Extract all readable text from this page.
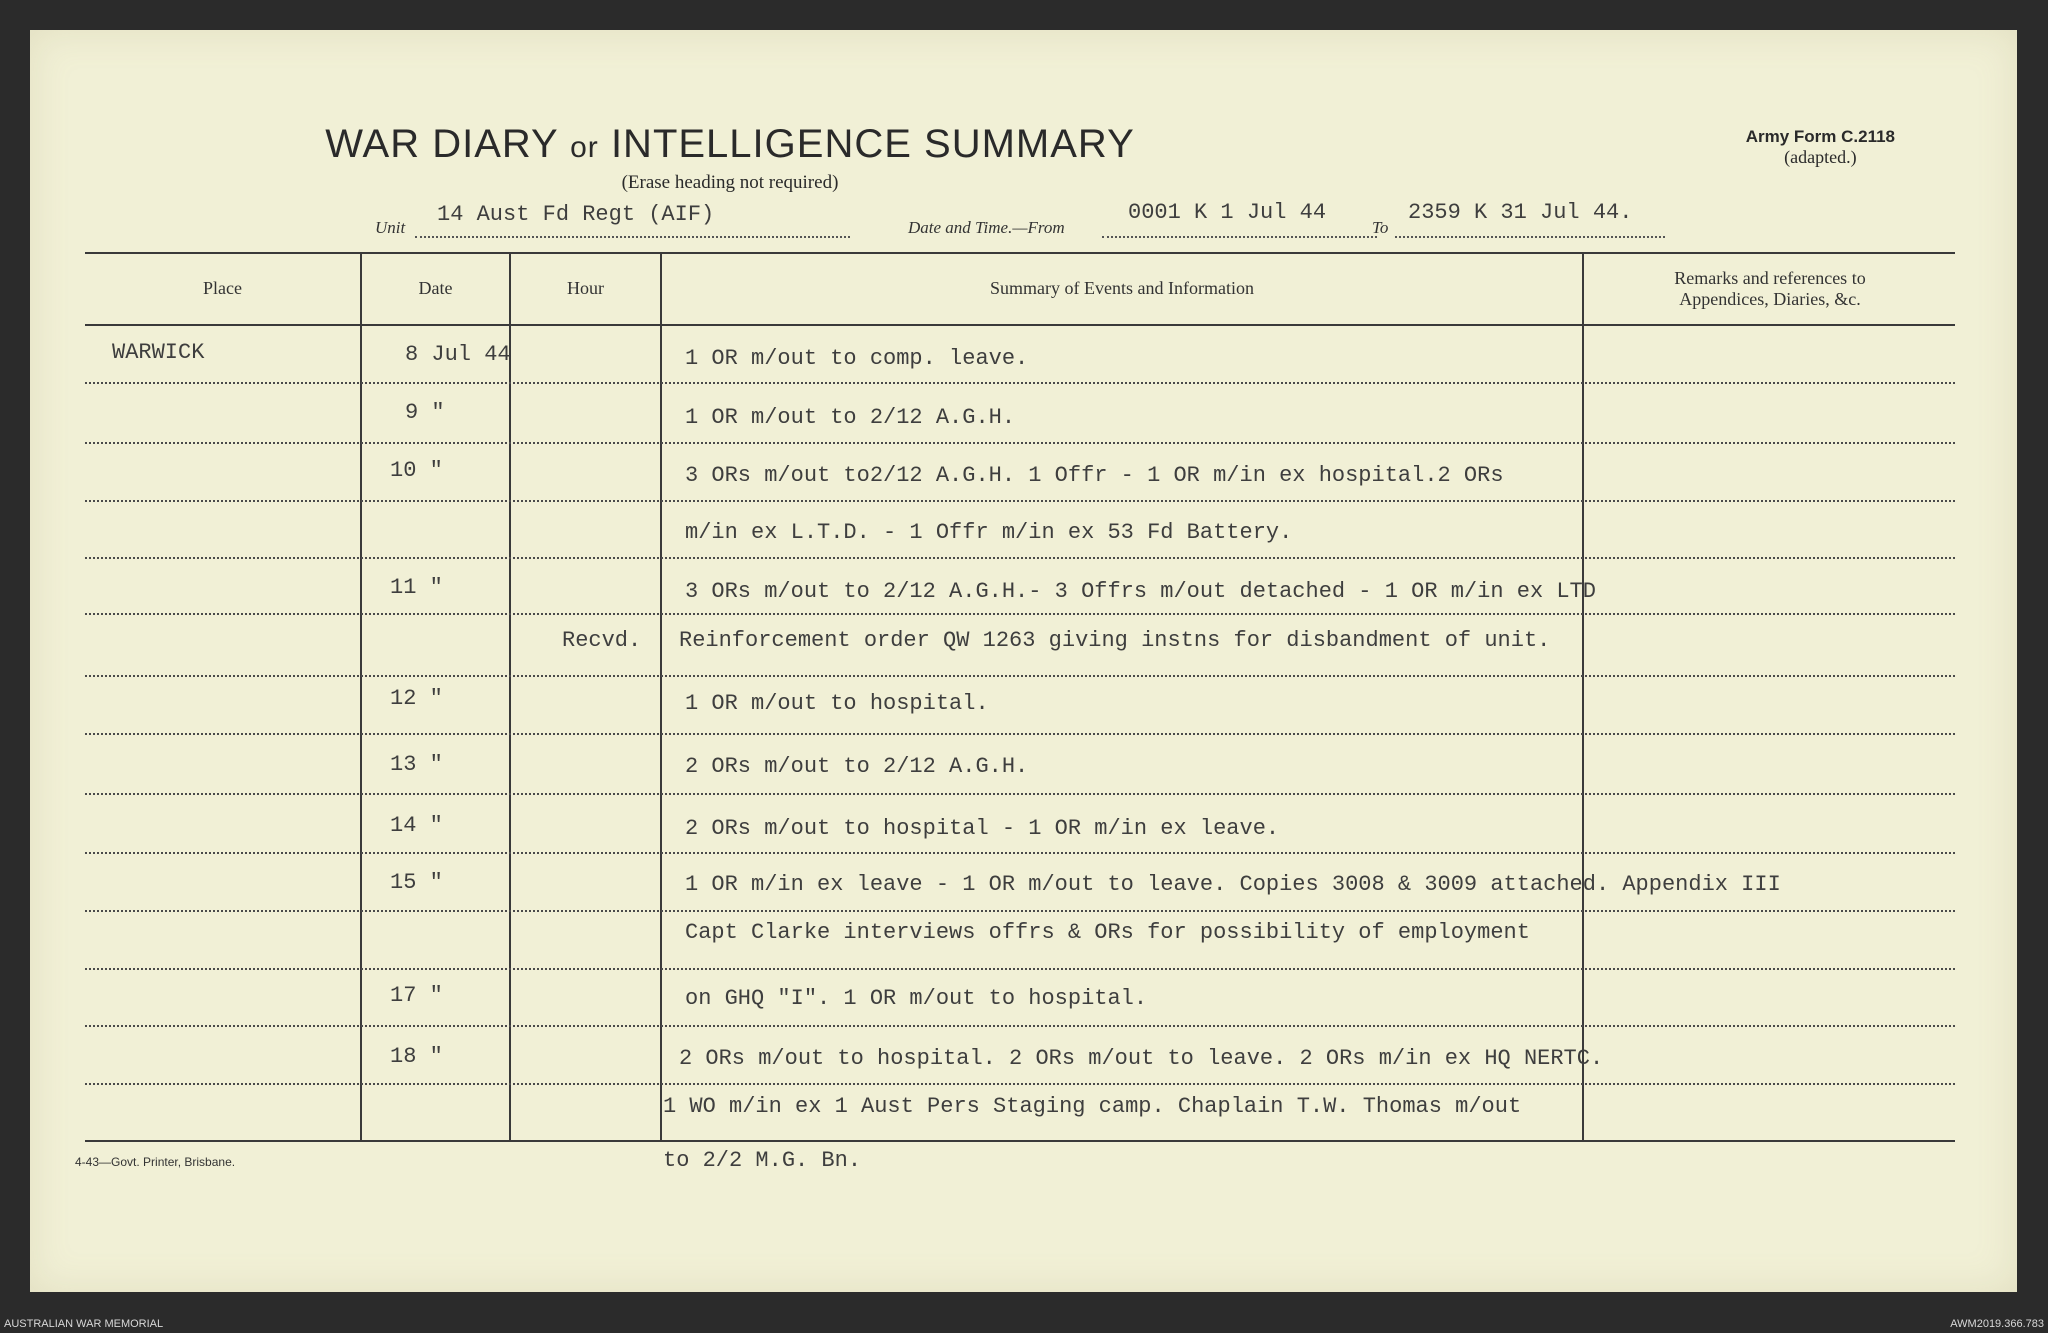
WAR DIARY or INTELLIGENCE SUMMARY
(Erase heading not required)
Army Form C.2118
(adapted.)
Unit
14 Aust Fd Regt (AIF)
Date and Time.—From
0001 K 1 Jul 44
To
2359 K 31 Jul 44.
Place	Date	Hour	Summary of Events and Information	Remarks and references to
Appendices, Diaries, &c.
WARWICK	8 Jul 44	1 OR m/out to comp. leave.
9 "	1 OR m/out to 2/12 A.G.H.
10 "	3 ORs m/out to2/12 A.G.H. 1 Offr - 1 OR m/in ex hospital.2 ORs
m/in ex L.T.D. - 1 Offr m/in ex 53 Fd Battery.
11 "	3 ORs m/out to 2/12 A.G.H.- 3 Offrs m/out detached - 1 OR m/in ex LTD
Recvd. Reinforcement order QW 1263 giving instns for disbandment of unit.
12 "	1 OR m/out to hospital.
13 "	2 ORs m/out to 2/12 A.G.H.
14 "	2 ORs m/out to hospital - 1 OR m/in ex leave.
15 "	1 OR m/in ex leave - 1 OR m/out to leave. Copies 3008 & 3009 attached. Appendix III
Capt Clarke interviews offrs & ORs for possibility of employment
17 "	on GHQ "I". 1 OR m/out to hospital.
18 "	2 ORs m/out to hospital. 2 ORs m/out to leave. 2 ORs m/in ex HQ NERTC.
1 WO m/in ex 1 Aust Pers Staging camp. Chaplain T.W. Thomas m/out
to 2/2 M.G. Bn.
4-43—Govt. Printer, Brisbane.
AUSTRALIAN WAR MEMORIAL	AWM2019.366.783
